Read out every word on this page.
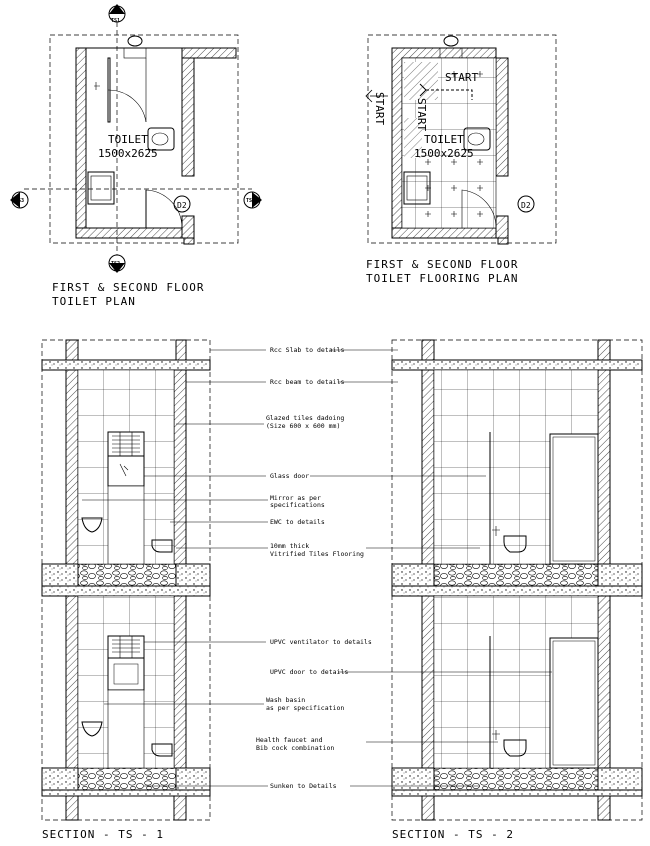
D2
TOILET
1500x2625
TS1
TS2
TS3	TS4
FIRST & SECOND FLOOR
TOILET PLAN
D2
START
START	START
TOILET
1500x2625
FIRST & SECOND FLOOR
TOILET FLOORING PLAN
SECTION - TS - 1	SECTION - TS - 2
Rcc Slab to details
Rcc beam to details
Glazed tiles dadoing
(Size 600 x 600 mm)
Glass door
Mirror as per
specifications
EWC to details
10mm thick
Vitrified Tiles Flooring
UPVC ventilator to details
UPVC door to details
Wash basin
as per specification
Health faucet and
Bib cock combination
Sunken to Details
